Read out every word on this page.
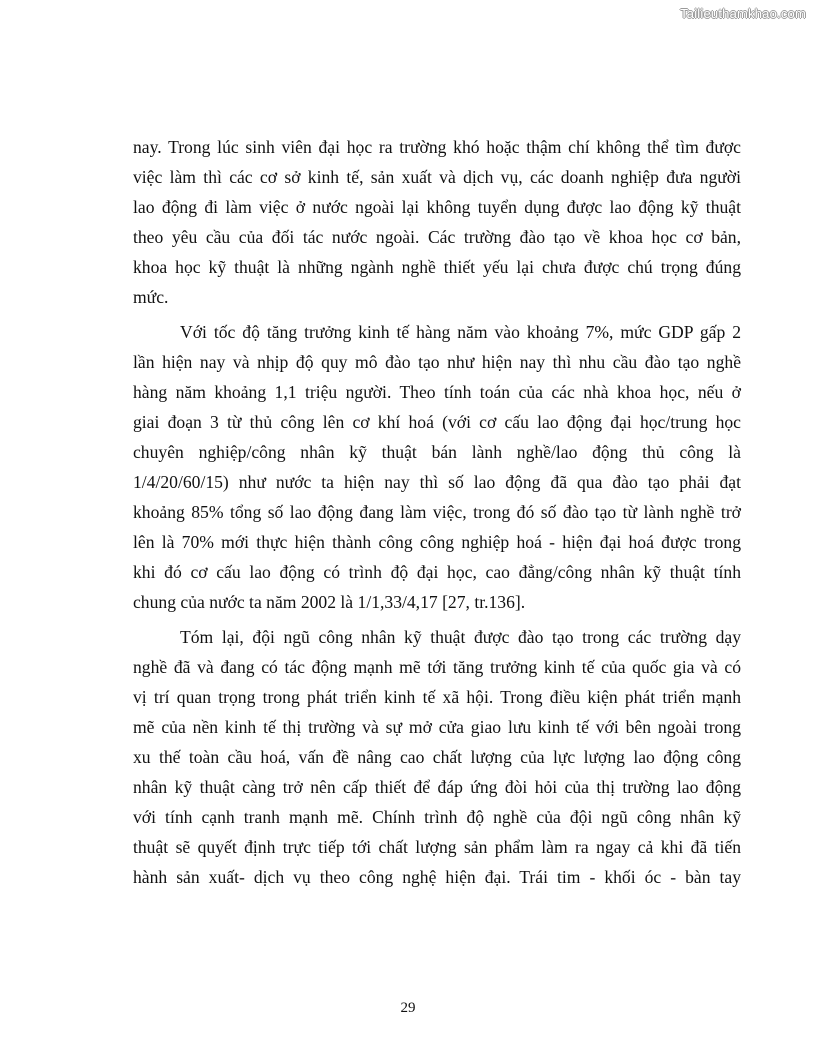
Tailieuthamkhao.com
nay. Trong lúc sinh viên đại học ra trường khó hoặc thậm chí không thể tìm được
việc làm thì các cơ sở kinh tế, sản xuất và dịch vụ, các doanh nghiệp đưa người
lao động đi làm việc ở nước ngoài lại không tuyển dụng được lao động kỹ thuật
theo yêu cầu của đối tác nước ngoài. Các trường đào tạo về khoa học cơ bản,
khoa học kỹ thuật là những ngành nghề thiết yếu lại chưa được chú trọng đúng
mức.
Với tốc độ tăng trưởng kinh tế hàng năm vào khoảng 7%, mức GDP gấp 2
lần hiện nay và nhịp độ quy mô đào tạo như hiện nay thì nhu cầu đào tạo nghề
hàng năm khoảng 1,1 triệu người. Theo tính toán của các nhà khoa học, nếu ở
giai đoạn 3 từ thủ công lên cơ khí hoá (với cơ cấu lao động đại học/trung học
chuyên nghiệp/công nhân kỹ thuật bán lành nghề/lao động thủ công là
1/4/20/60/15) như nước ta hiện nay thì số lao động đã qua đào tạo phải đạt
khoảng 85% tổng số lao động đang làm việc, trong đó số đào tạo từ lành nghề trở
lên là 70% mới thực hiện thành công công nghiệp hoá - hiện đại hoá được trong
khi đó cơ cấu lao động có trình độ đại học, cao đẳng/công nhân kỹ thuật tính
chung của nước ta năm 2002 là 1/1,33/4,17 [27, tr.136].
Tóm lại, đội ngũ công nhân kỹ thuật được đào tạo trong các trường dạy
nghề đã và đang có tác động mạnh mẽ tới tăng trưởng kinh tế của quốc gia và có
vị trí quan trọng trong phát triển kinh tế xã hội. Trong điều kiện phát triển mạnh
mẽ của nền kinh tế thị trường và sự mở cửa giao lưu kinh tế với bên ngoài trong
xu thế toàn cầu hoá, vấn đề nâng cao chất lượng của lực lượng lao động công
nhân kỹ thuật càng trở nên cấp thiết để đáp ứng đòi hỏi của thị trường lao động
với tính cạnh tranh mạnh mẽ. Chính trình độ nghề của đội ngũ công nhân kỹ
thuật sẽ quyết định trực tiếp tới chất lượng sản phẩm làm ra ngay cả khi đã tiến
hành sản xuất- dịch vụ theo công nghệ hiện đại. Trái tim - khối óc - bàn tay
29
